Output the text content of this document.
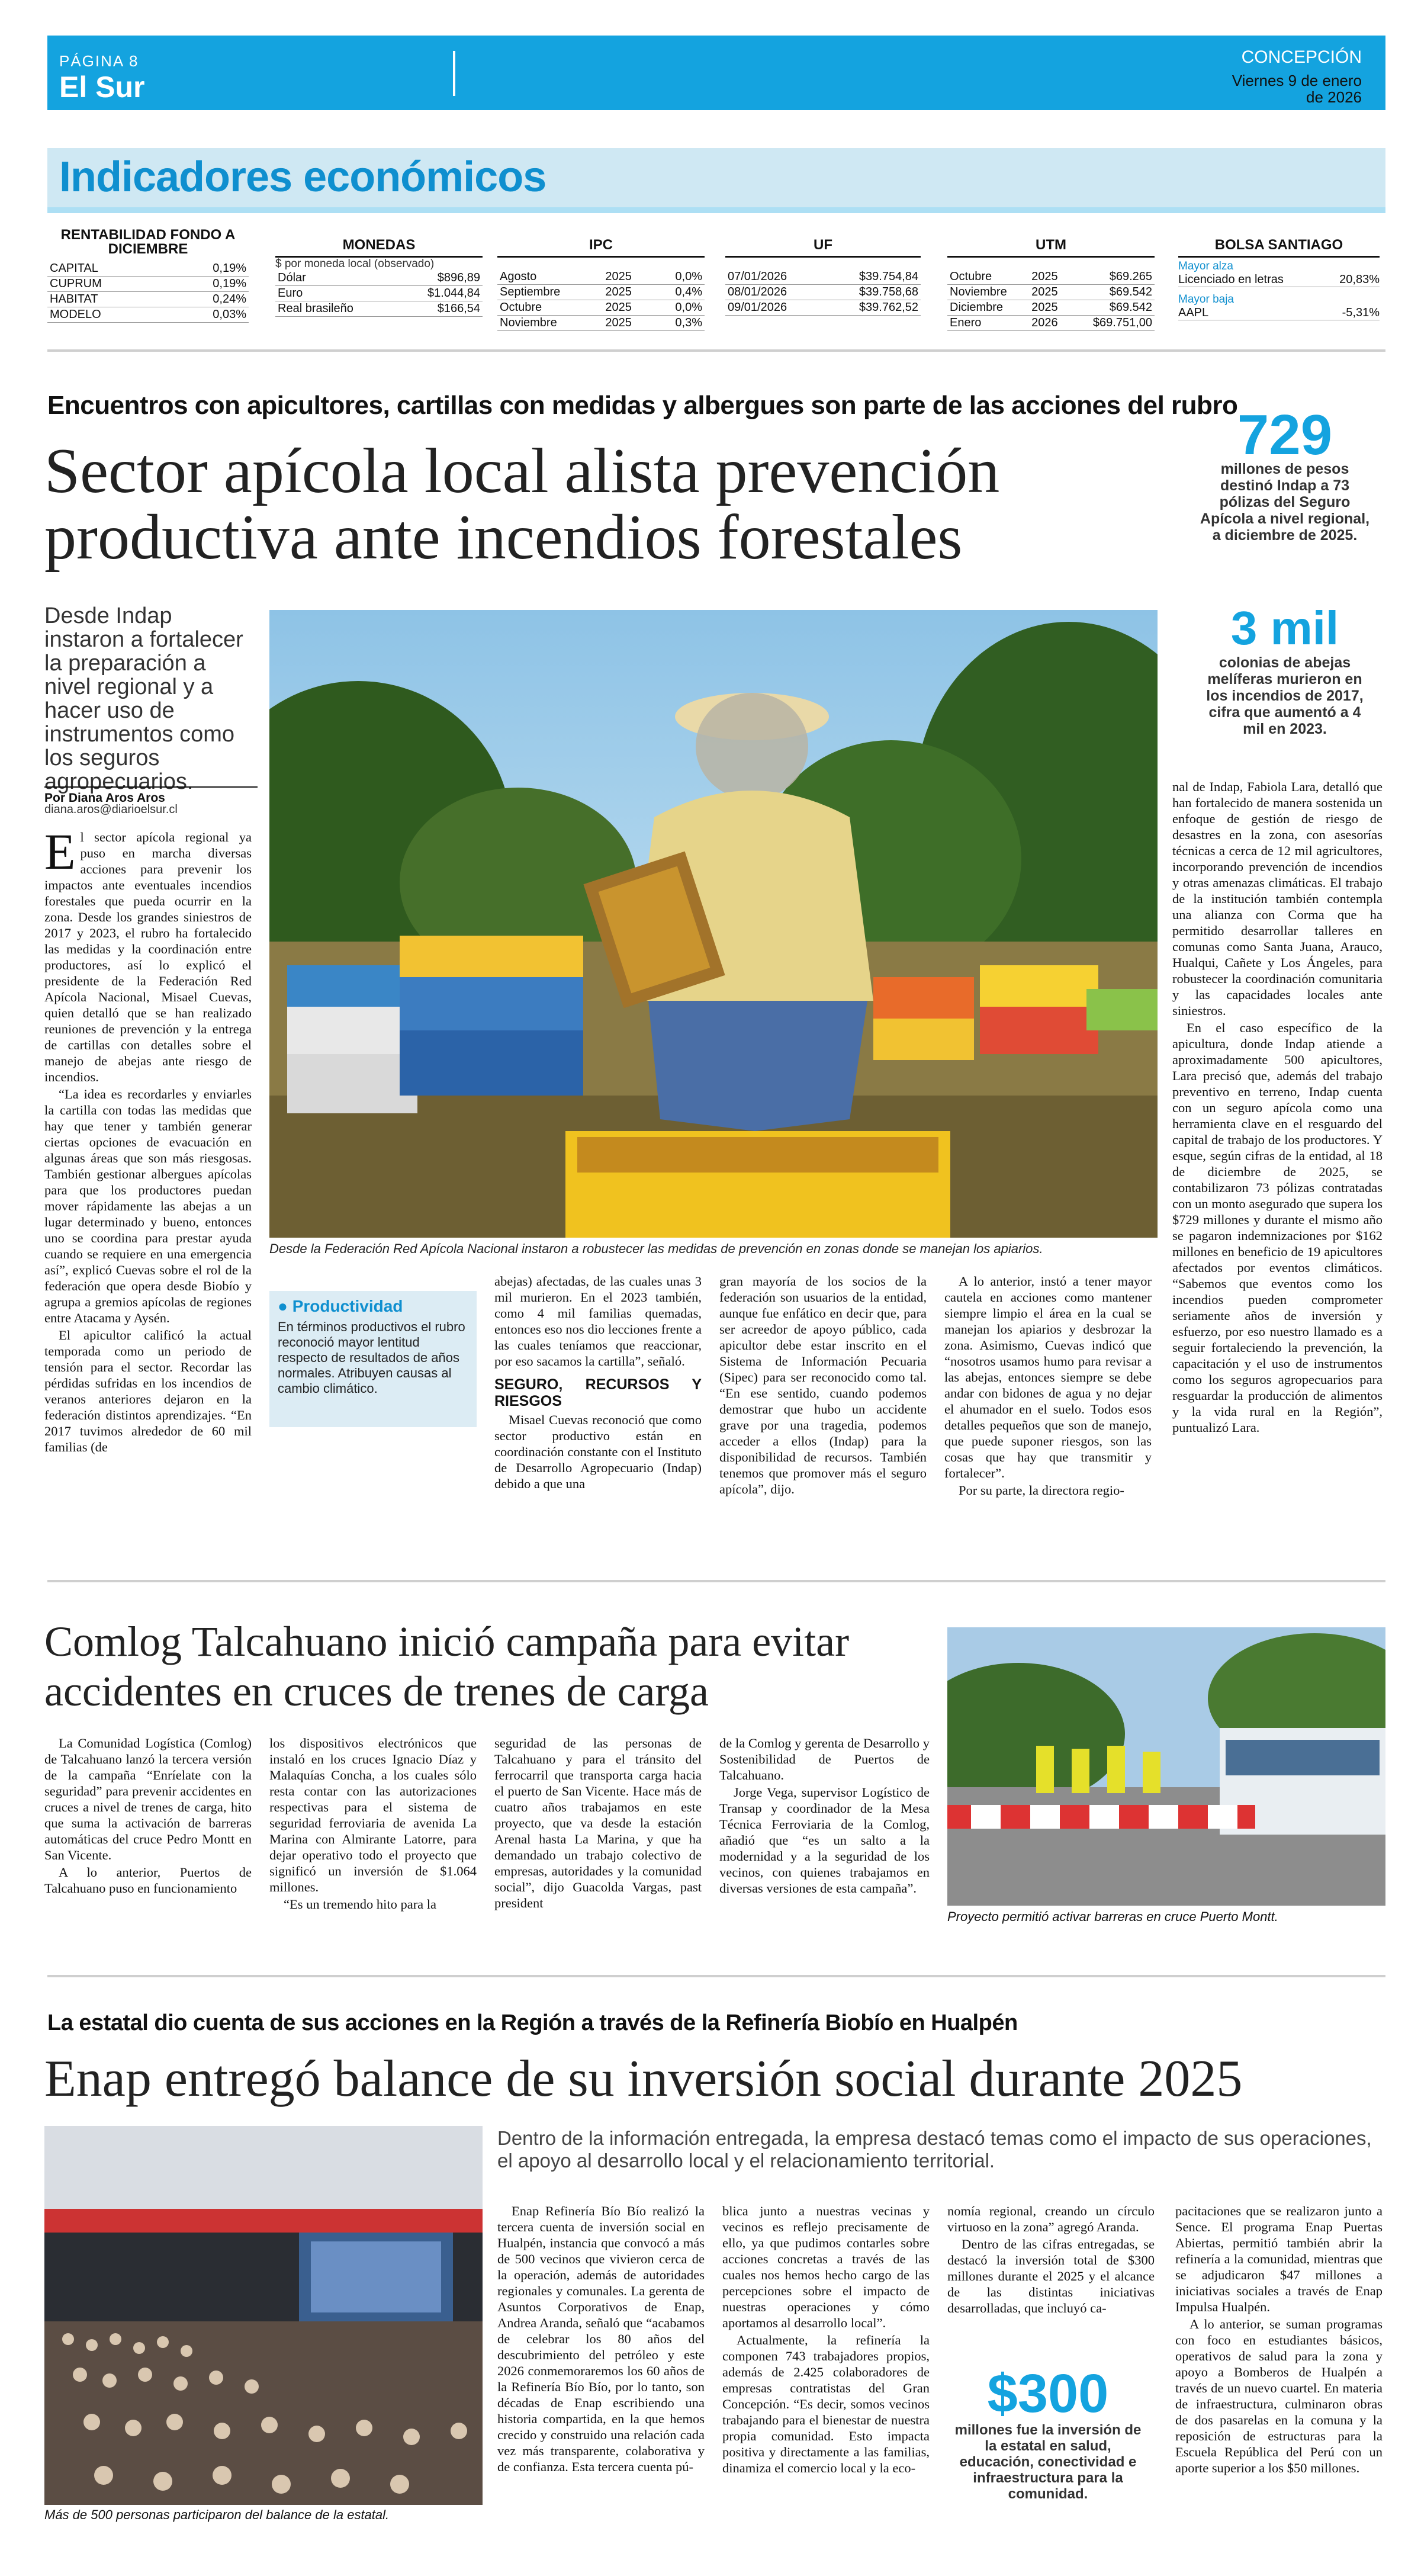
PÁGINA 8
El Sur
CONCEPCIÓN
Viernes 9 de enero de 2026
Indicadores económicos
RENTABILIDAD FONDO A DICIEMBRE
CAPITAL	0,19%
CUPRUM	0,19%
HABITAT	0,24%
MODELO	0,03%
MONEDAS
$ por moneda local (observado)
Dólar	$896,89
Euro	$1.044,84
Real brasileño	$166,54
IPC
Agosto	2025	0,0%
Septiembre	2025	0,4%
Octubre	2025	0,0%
Noviembre	2025	0,3%
UF
07/01/2026	$39.754,84
08/01/2026	$39.758,68
09/01/2026	$39.762,52
UTM
Octubre	2025	$69.265
Noviembre	2025	$69.542
Diciembre	2025	$69.542
Enero	2026	$69.751,00
BOLSA SANTIAGO
Mayor alza
Licenciado en letras	20,83%
Mayor baja
AAPL	-5,31%
Encuentros con apicultores, cartillas con medidas y albergues son parte de las acciones del rubro
Sector apícola local alista prevención productiva ante incendios forestales
729
millones de pesos destinó Indap a 73 pólizas del Seguro Apícola a nivel regional, a diciembre de 2025.
3 mil
colonias de abejas melíferas murieron en los incendios de 2017, cifra que aumentó a 4 mil en 2023.
Desde Indap instaron a fortalecer la preparación a nivel regional y a hacer uso de instrumentos como los seguros agropecuarios.
Por Diana Aros Aros
diana.aros@diarioelsur.cl
Desde la Federación Red Apícola Nacional instaron a robustecer las medidas de prevención en zonas donde se manejan los apiarios.

El sector apícola regional ya puso en marcha diversas acciones para prevenir los impactos ante eventuales incendios forestales que pueda ocurrir en la zona. Desde los grandes siniestros de 2017 y 2023, el rubro ha fortalecido las medidas y la coordinación entre productores, así lo explicó el presidente de la Federación Red Apícola Nacional, Misael Cuevas, quien detalló que se han realizado reuniones de prevención y la entrega de cartillas con detalles sobre el manejo de abejas ante riesgo de incendios.

“La idea es recordarles y enviarles la cartilla con todas las medidas que hay que tener y también generar ciertas opciones de evacuación en algunas áreas que son más riesgosas. También gestionar albergues apícolas para que los productores puedan mover rápidamente las abejas a un lugar determinado y bueno, entonces uno se coordina para prestar ayuda cuando se requiere en una emergencia así”, explicó Cuevas sobre el rol de la federación que opera desde Biobío y agrupa a gremios apícolas de regiones entre Atacama y Aysén.

El apicultor calificó la actual temporada como un periodo de tensión para el sector. Recordar las pérdidas sufridas en los incendios de veranos anteriores dejaron en la federación distintos aprendizajes. “En 2017 tuvimos alrededor de 60 mil familias (de

● Productividad
En términos productivos el rubro reconoció mayor lentitud respecto de resultados de años normales. Atribuyen causas al cambio climático.

abejas) afectadas, de las cuales unas 3 mil murieron. En el 2023 también, como 4 mil familias quemadas, entonces eso nos dio lecciones frente a las cuales teníamos que reaccionar, por eso sacamos la cartilla”, señaló.

SEGURO, RECURSOS Y RIESGOS

Misael Cuevas reconoció que como sector productivo están en coordinación constante con el Instituto de Desarrollo Agropecuario (Indap) debido a que una

gran mayoría de los socios de la federación son usuarios de la entidad, aunque fue enfático en decir que, para ser acreedor de apoyo público, cada apicultor debe estar inscrito en el Sistema de Información Pecuaria (Sipec) para ser reconocido como tal. “En ese sentido, cuando podemos demostrar que hubo un accidente grave por una tragedia, podemos acceder a ellos (Indap) para la disponibilidad de recursos. También tenemos que promover más el seguro apícola”, dijo.

A lo anterior, instó a tener mayor cautela en acciones como mantener siempre limpio el área en la cual se manejan los apiarios y desbrozar la zona. Asimismo, Cuevas indicó que “nosotros usamos humo para revisar a las abejas, entonces siempre se debe andar con bidones de agua y no dejar el ahumador en el suelo. Todos esos detalles pequeños que son de manejo, que puede suponer riesgos, son las cosas que hay que transmitir y fortalecer”.

Por su parte, la directora regio-

nal de Indap, Fabiola Lara, detalló que han fortalecido de manera sostenida un enfoque de gestión de riesgo de desastres en la zona, con asesorías técnicas a cerca de 12 mil agricultores, incorporando prevención de incendios y otras amenazas climáticas. El trabajo de la institución también contempla una alianza con Corma que ha permitido desarrollar talleres en comunas como Santa Juana, Arauco, Hualqui, Cañete y Los Ángeles, para robustecer la coordinación comunitaria y las capacidades locales ante siniestros.

En el caso específico de la apicultura, donde Indap atiende a aproximadamente 500 apicultores, Lara precisó que, además del trabajo preventivo en terreno, Indap cuenta con un seguro apícola como una herramienta clave en el resguardo del capital de trabajo de los productores. Y esque, según cifras de la entidad, al 18 de diciembre de 2025, se contabilizaron 73 pólizas contratadas con un monto asegurado que supera los $729 millones y durante el mismo año se pagaron indemnizaciones por $162 millones en beneficio de 19 apicultores afectados por eventos climáticos. “Sabemos que eventos como los incendios pueden comprometer seriamente años de inversión y esfuerzo, por eso nuestro llamado es a seguir fortaleciendo la prevención, la capacitación y el uso de instrumentos como los seguros agropecuarios para resguardar la producción de alimentos y la vida rural en la Región”, puntualizó Lara.

Comlog Talcahuano inició campaña para evitar accidentes en cruces de trenes de carga
Proyecto permitió activar barreras en cruce Puerto Montt.

La Comunidad Logística (Comlog) de Talcahuano lanzó la tercera versión de la campaña “Enríelate con la seguridad” para prevenir accidentes en cruces a nivel de trenes de carga, hito que suma la activación de barreras automáticas del cruce Pedro Montt en San Vicente.

A lo anterior, Puertos de Talcahuano puso en funcionamiento

los dispositivos electrónicos que instaló en los cruces Ignacio Díaz y Malaquías Concha, a los cuales sólo resta contar con las autorizaciones respectivas para el sistema de seguridad ferroviaria de avenida La Marina con Almirante Latorre, para dejar operativo todo el proyecto que significó un inversión de $1.064 millones.

“Es un tremendo hito para la

seguridad de las personas de Talcahuano y para el tránsito del ferrocarril que transporta carga hacia el puerto de San Vicente. Hace más de cuatro años trabajamos en este proyecto, que va desde la estación Arenal hasta La Marina, y que ha demandado un trabajo colectivo de empresas, autoridades y la comunidad social”, dijo Guacolda Vargas, past president

de la Comlog y gerenta de Desarrollo y Sostenibilidad de Puertos de Talcahuano.

Jorge Vega, supervisor Logístico de Transap y coordinador de la Mesa Técnica Ferroviaria de la Comlog, añadió que “es un salto a la modernidad y a la seguridad de los vecinos, con quienes trabajamos en diversas versiones de esta campaña”.

La estatal dio cuenta de sus acciones en la Región a través de la Refinería Biobío en Hualpén
Enap entregó balance de su inversión social durante 2025
Más de 500 personas participaron del balance de la estatal.
Dentro de la información entregada, la empresa destacó temas como el impacto de sus operaciones, el apoyo al desarrollo local y el relacionamiento territorial.

Enap Refinería Bío Bío realizó la tercera cuenta de inversión social en Hualpén, instancia que convocó a más de 500 vecinos que vivieron cerca de la operación, además de autoridades regionales y comunales. La gerenta de Asuntos Corporativos de Enap, Andrea Aranda, señaló que “acabamos de celebrar los 80 años del descubrimiento del petróleo y este 2026 conmemoraremos los 60 años de la Refinería Bío Bío, por lo tanto, son décadas de Enap escribiendo una historia compartida, en la que hemos crecido y construido una relación cada vez más transparente, colaborativa y de confianza. Esta tercera cuenta pú-

blica junto a nuestras vecinas y vecinos es reflejo precisamente de ello, ya que pudimos contarles sobre acciones concretas a través de las cuales nos hemos hecho cargo de las percepciones sobre el impacto de nuestras operaciones y cómo aportamos al desarrollo local”.

Actualmente, la refinería la componen 743 trabajadores propios, además de 2.425 colaboradores de empresas contratistas del Gran Concepción. “Es decir, somos vecinos trabajando para el bienestar de nuestra propia comunidad. Esto impacta positiva y directamente a las familias, dinamiza el comercio local y la eco-

nomía regional, creando un círculo virtuoso en la zona” agregó Aranda.

Dentro de las cifras entregadas, se destacó la inversión total de $300 millones durante el 2025 y el alcance de las distintas iniciativas desarrolladas, que incluyó ca-

$300
millones fue la inversión de la estatal en salud, educación, conectividad e infraestructura para la comunidad.

pacitaciones que se realizaron junto a Sence. El programa Enap Puertas Abiertas, permitió también abrir la refinería a la comunidad, mientras que se adjudicaron $47 millones a iniciativas sociales a través de Enap Impulsa Hualpén.

A lo anterior, se suman programas con foco en estudiantes básicos, operativos de salud para la zona y apoyo a Bomberos de Hualpén a través de un nuevo cuartel. En materia de infraestructura, culminaron obras de dos pasarelas en la comuna y la reposición de estructuras para la Escuela República del Perú con un aporte superior a los $50 millones.
